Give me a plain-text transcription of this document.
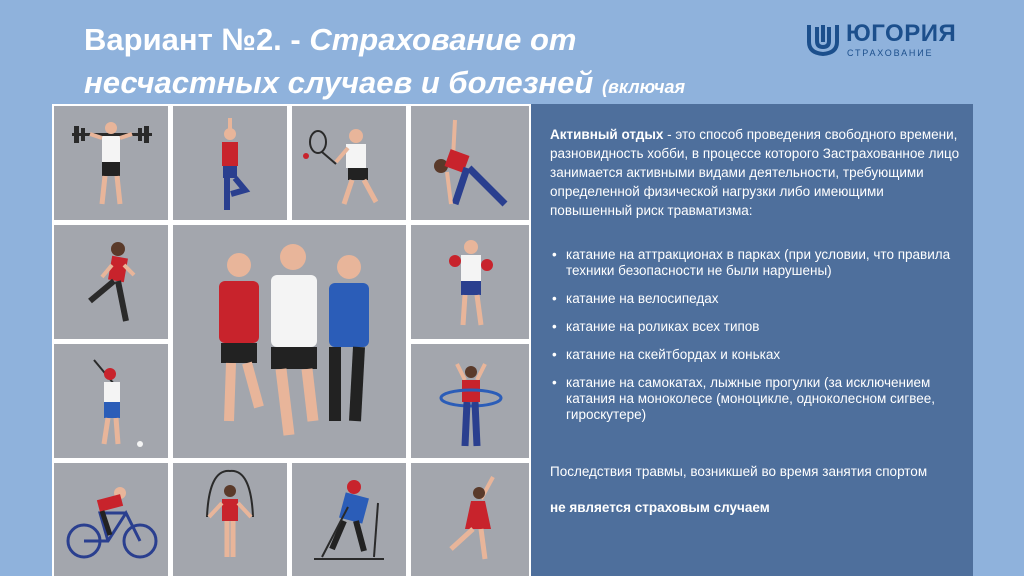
Вариант №2. - Страхование от несчастных случаев и болезней (включая
ЮГОРИЯ
СТРАХОВАНИЕ
Активный отдых - это способ проведения свободного времени, разновидность хобби, в процессе которого Застрахованное лицо занимается активными видами деятельности, требующими определенной физической нагрузки либо имеющими повышенный риск травматизма:
• катание на аттракционах в парках (при условии, что правила техники безопасности не были нарушены)
• катание на велосипедах
• катание на роликах всех типов
• катание на скейтбордах и коньках
• катание на самокатах, лыжные прогулки (за исключением катания на моноколесе (моноцикле, одноколесном сигвее, гироскутере)
Последствия травмы, возникшей во время занятия спортом
не является страховым случаем
